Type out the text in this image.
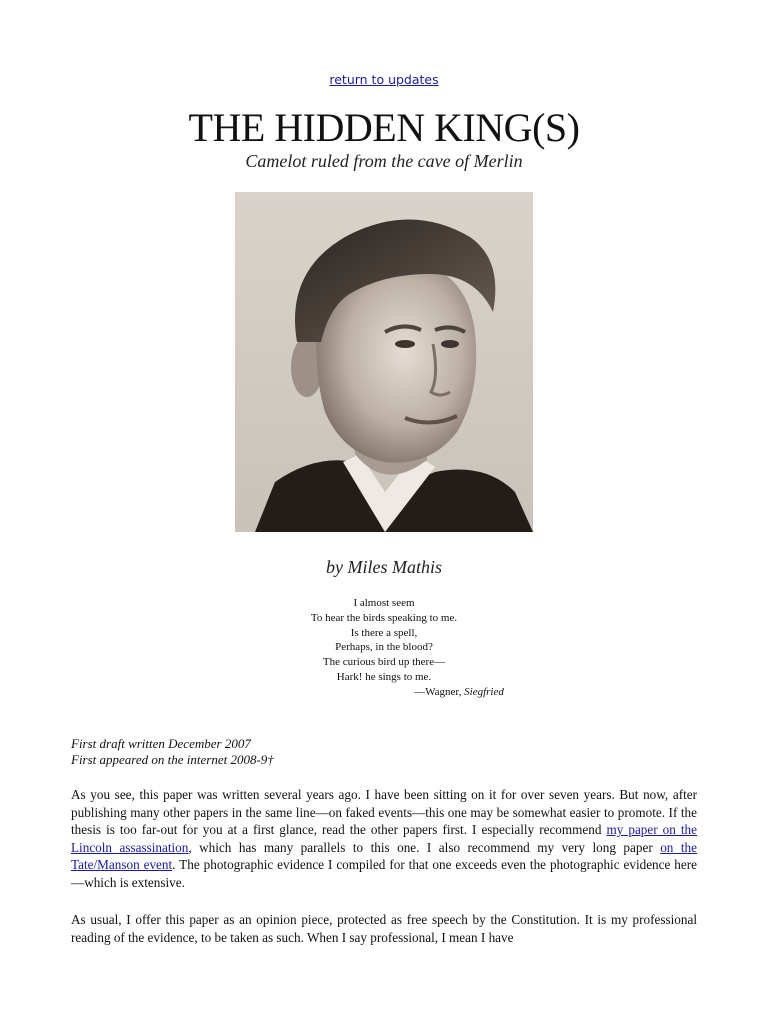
return to updates
THE HIDDEN KING(S)
Camelot ruled from the cave of Merlin
by Miles Mathis
I almost seem
To hear the birds speaking to me.
Is there a spell,
Perhaps, in the blood?
The curious bird up there—
Hark! he sings to me.
—Wagner, Siegfried
First draft written December 2007
First appeared on the internet 2008-9†
As you see, this paper was written several years ago. I have been sitting on it for over seven years. But now, after publishing many other papers in the same line—on faked events—this one may be somewhat easier to promote. If the thesis is too far-out for you at a first glance, read the other papers first. I especially recommend my paper on the Lincoln assassination, which has many parallels to this one. I also recommend my very long paper on the Tate/Manson event. The photographic evidence I compiled for that one exceeds even the photographic evidence here—which is extensive.
As usual, I offer this paper as an opinion piece, protected as free speech by the Constitution. It is my professional reading of the evidence, to be taken as such. When I say professional, I mean I have
